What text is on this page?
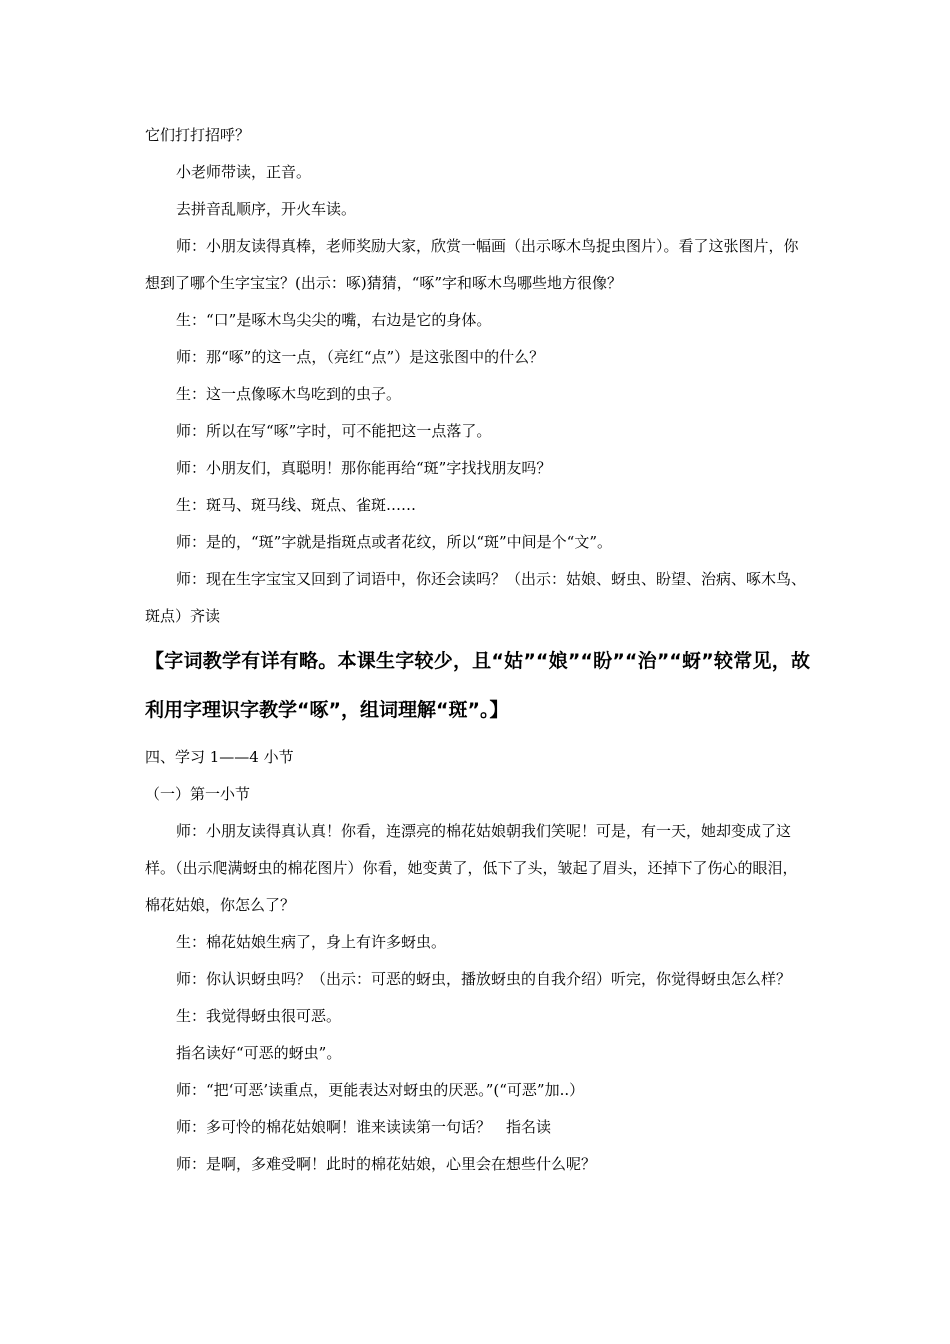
它们打打招呼？

小老师带读，正音。

去拼音乱顺序，开火车读。

师：小朋友读得真棒，老师奖励大家，欣赏一幅画（出示啄木鸟捉虫图片）。看了这张图片，你想到了哪个生字宝宝？(出示：啄)猜猜，“啄”字和啄木鸟哪些地方很像？

生：“口”是啄木鸟尖尖的嘴，右边是它的身体。

师：那“啄”的这一点，（亮红“点”）是这张图中的什么？

生：这一点像啄木鸟吃到的虫子。

师：所以在写“啄”字时，可不能把这一点落了。

师：小朋友们，真聪明！那你能再给“斑”字找找朋友吗？

生：斑马、斑马线、斑点、雀斑……

师：是的，“斑”字就是指斑点或者花纹，所以“斑”中间是个“文”。

师：现在生字宝宝又回到了词语中，你还会读吗？（出示：姑娘、蚜虫、盼望、治病、啄木鸟、斑点）齐读

【字词教学有详有略。本课生字较少，且“姑”“娘”“盼”“治”“蚜”较常见，故利用字理识字教学“啄”，组词理解“斑”。】

四、学习 1——4 小节

（一）第一小节

师：小朋友读得真认真！你看，连漂亮的棉花姑娘朝我们笑呢！可是，有一天，她却变成了这样。（出示爬满蚜虫的棉花图片）你看，她变黄了，低下了头，皱起了眉头，还掉下了伤心的眼泪，棉花姑娘，你怎么了？

生：棉花姑娘生病了，身上有许多蚜虫。

师：你认识蚜虫吗？（出示：可恶的蚜虫，播放蚜虫的自我介绍）听完，你觉得蚜虫怎么样？

生：我觉得蚜虫很可恶。

指名读好“可恶的蚜虫”。

师：“把‘可恶’读重点，更能表达对蚜虫的厌恶。”(“可恶”加..）

师：多可怜的棉花姑娘啊！谁来读读第一句话？　指名读

师：是啊，多难受啊！此时的棉花姑娘，心里会在想些什么呢？
